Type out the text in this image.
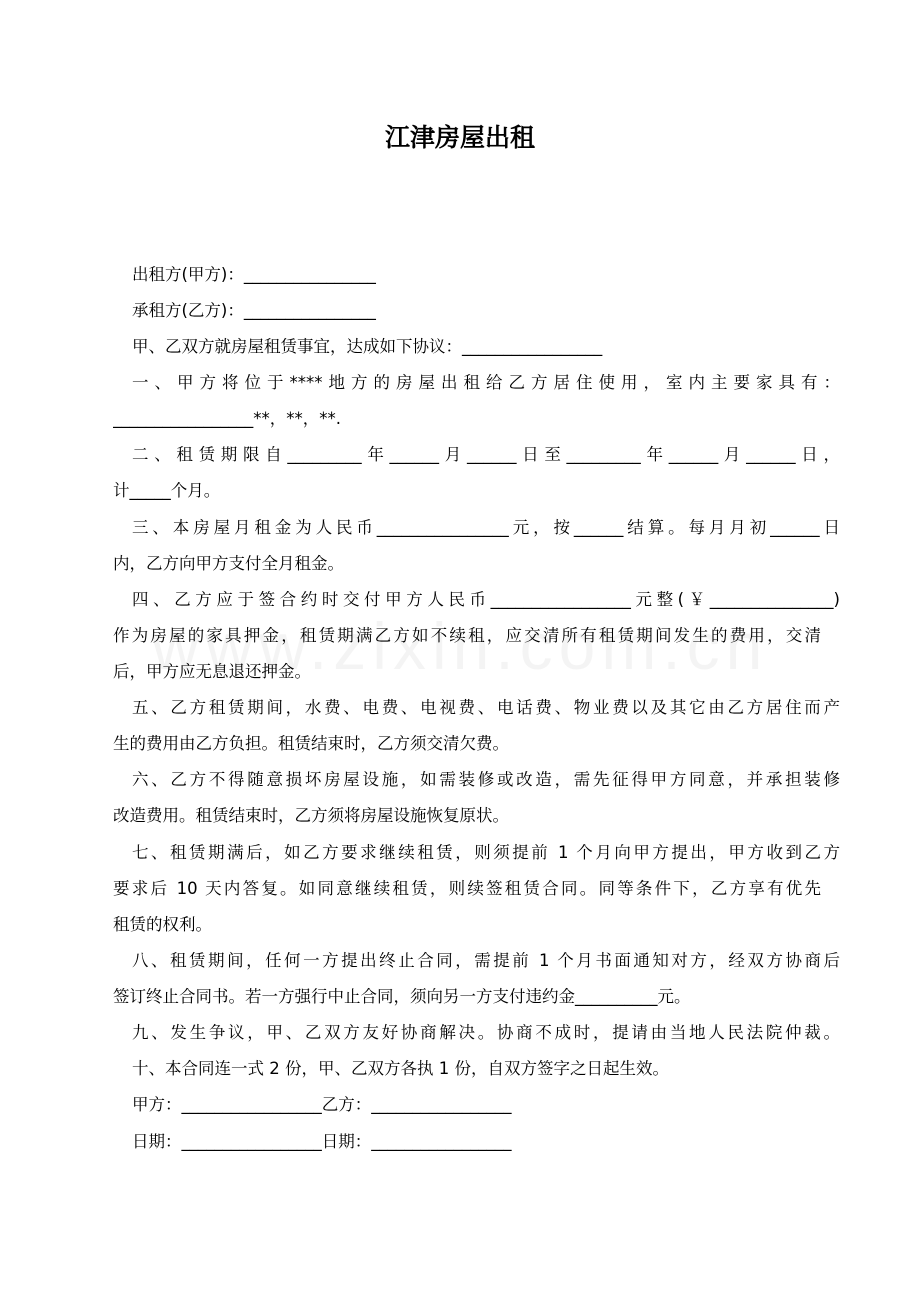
江津房屋出租
出租方(甲方)：________________
承租方(乙方)：________________
甲、乙双方就房屋租赁事宜，达成如下协议：_________________
一、甲方将位于****地方的房屋出租给乙方居住使用，室内主要家具有：
_________________**，**，**.
二、租赁期限自_________年______月______日至_________年______月______日，
计_____个月。
三、本房屋月租金为人民币________________元，按______结算。每月月初______日
内，乙方向甲方支付全月租金。
四、乙方应于签合约时交付甲方人民币_________________元整(￥_______________)
作为房屋的家具押金，租赁期满乙方如不续租，应交清所有租赁期间发生的费用，交清
后，甲方应无息退还押金。
五、乙方租赁期间，水费、电费、电视费、电话费、物业费以及其它由乙方居住而产
生的费用由乙方负担。租赁结束时，乙方须交清欠费。
六、乙方不得随意损坏房屋设施，如需装修或改造，需先征得甲方同意，并承担装修
改造费用。租赁结束时，乙方须将房屋设施恢复原状。
七、租赁期满后，如乙方要求继续租赁，则须提前 1 个月向甲方提出，甲方收到乙方
要求后 10 天内答复。如同意继续租赁，则续签租赁合同。同等条件下，乙方享有优先
租赁的权利。
八、租赁期间，任何一方提出终止合同，需提前 1 个月书面通知对方，经双方协商后
签订终止合同书。若一方强行中止合同，须向另一方支付违约金__________元。
九、发生争议，甲、乙双方友好协商解决。协商不成时，提请由当地人民法院仲裁。
十、本合同连一式 2 份，甲、乙双方各执 1 份，自双方签字之日起生效。
甲方：_________________乙方：_________________
日期：_________________日期：_________________
